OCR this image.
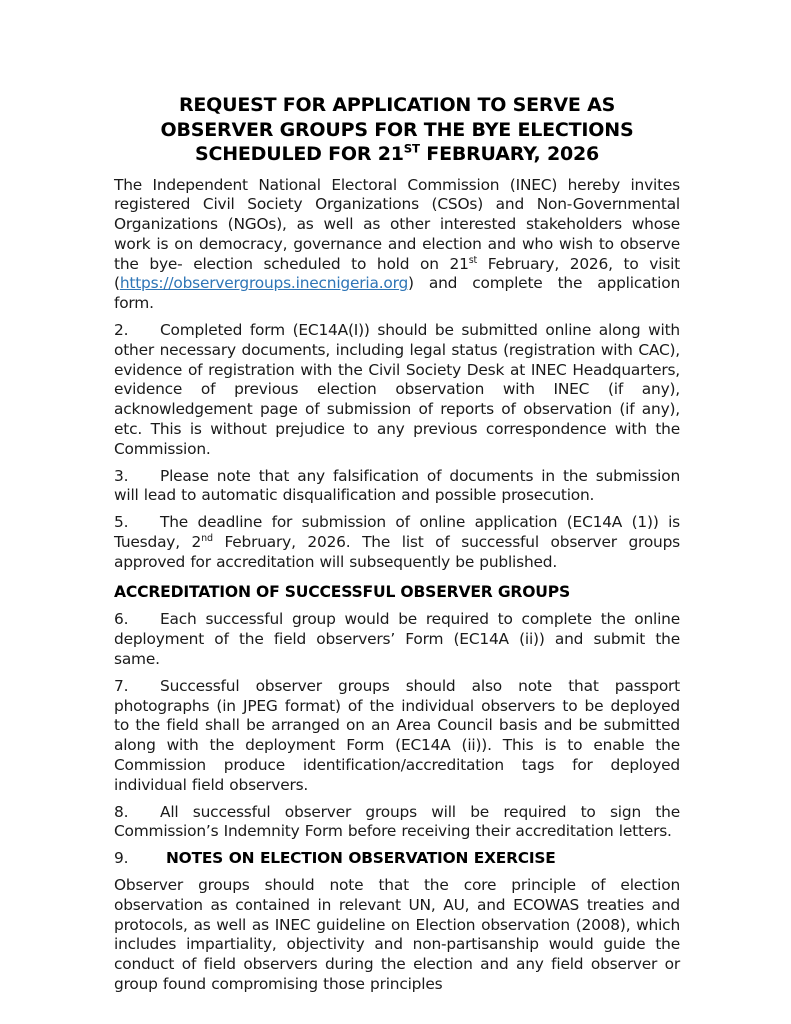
REQUEST FOR APPLICATION TO SERVE AS
OBSERVER GROUPS FOR THE BYE ELECTIONS
SCHEDULED FOR 21ST FEBRUARY, 2026

The Independent National Electoral Commission (INEC) hereby invites registered Civil Society Organizations (CSOs) and Non-Governmental Organizations (NGOs), as well as other interested stakeholders whose work is on democracy, governance and election and who wish to observe the bye- election scheduled to hold on 21st February, 2026, to visit (https://observergroups.inecnigeria.org) and complete the application form.

2. Completed form (EC14A(I)) should be submitted online along with other necessary documents, including legal status (registration with CAC), evidence of registration with the Civil Society Desk at INEC Headquarters, evidence of previous election observation with INEC (if any), acknowledgement page of submission of reports of observation (if any), etc. This is without prejudice to any previous correspondence with the Commission.

3. Please note that any falsification of documents in the submission will lead to automatic disqualification and possible prosecution.

5. The deadline for submission of online application (EC14A (1)) is Tuesday, 2nd February, 2026. The list of successful observer groups approved for accreditation will subsequently be published.

ACCREDITATION OF SUCCESSFUL OBSERVER GROUPS

6. Each successful group would be required to complete the online deployment of the field observers’ Form (EC14A (ii)) and submit the same.

7. Successful observer groups should also note that passport photographs (in JPEG format) of the individual observers to be deployed to the field shall be arranged on an Area Council basis and be submitted along with the deployment Form (EC14A (ii)). This is to enable the Commission produce identification/accreditation tags for deployed individual field observers.

8. All successful observer groups will be required to sign the Commission’s Indemnity Form before receiving their accreditation letters.

9. NOTES ON ELECTION OBSERVATION EXERCISE

Observer groups should note that the core principle of election observation as contained in relevant UN, AU, and ECOWAS treaties and protocols, as well as INEC guideline on Election observation (2008), which includes impartiality, objectivity and non-partisanship would guide the conduct of field observers during the election and any field observer or group found compromising those principles
